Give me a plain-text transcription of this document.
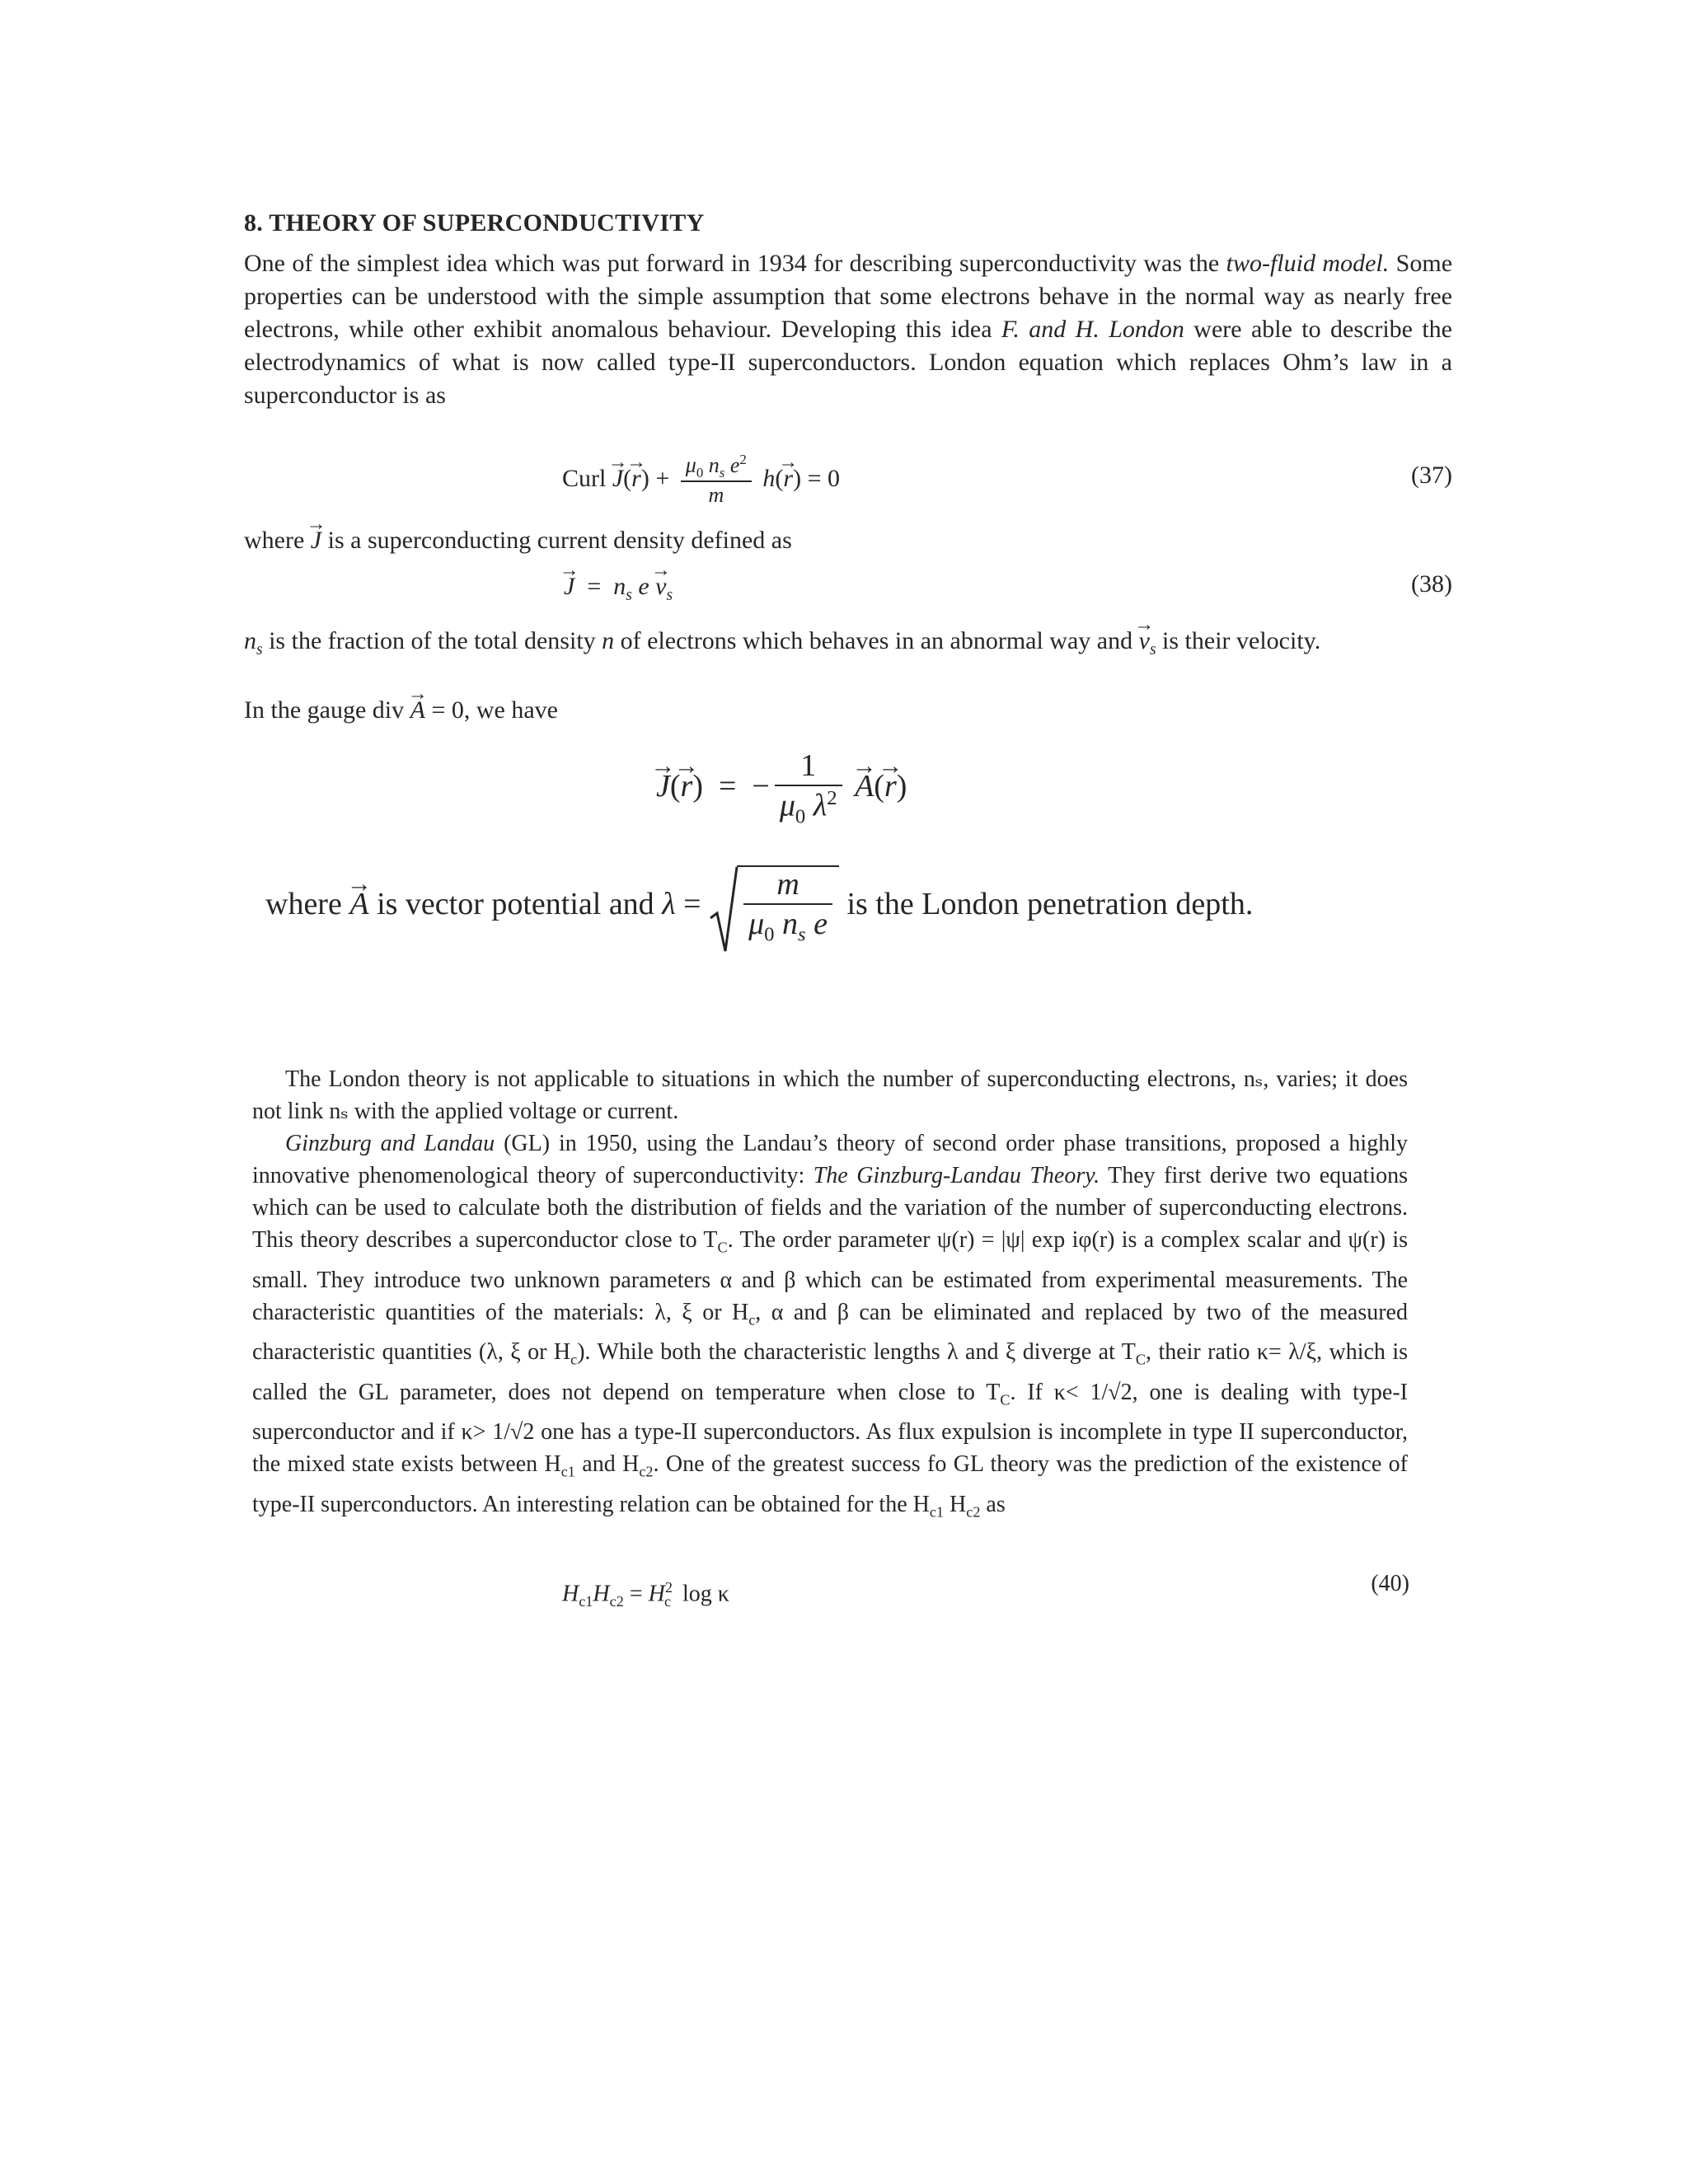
8. THEORY OF SUPERCONDUCTIVITY
One of the simplest idea which was put forward in 1934 for describing superconductivity was the two-fluid model. Some properties can be understood with the simple assumption that some electrons behave in the normal way as nearly free electrons, while other exhibit anomalous behaviour. Developing this idea F. and H. London were able to describe the electrodynamics of what is now called type-II superconductors. London equation which replaces Ohm’s law in a superconductor is as
Curl → $J(\to r) + \frac{\mu_0 n_s e^2}{m} h(\to r) = 0$	(37)
where → J is a superconducting current density defined as
→ $J = n_s$ $e \to v_s$	(38)
$n_s$ is the fraction of the total density n of electrons which behaves in an abnormal way and → $v_s$ is their velocity.
In the gauge div → A = 0, we have
→ J(→ r)  =  − $\frac{1}{\mu_0 \lambda^2}$
→ A(→ r)
where → A is vector potential and $\lambda = \frac{m}{\mu_0 n_s e}$ is the London penetration depth.
The London theory is not applicable to situations in which the number of superconducting electrons, nₛ, varies; it does not link nₛ with the applied voltage or current.
Ginzburg and Landau (GL) in 1950, using the Landau’s theory of second order phase transitions, proposed a highly innovative phenomenological theory of superconductivity: The Ginzburg-Landau Theory. They first derive two equations which can be used to calculate both the distribution of fields and the variation of the number of superconducting electrons. This theory describes a superconductor close to $T_C$. The order parameter ψ(r) = |ψ| exp iφ(r) is a complex scalar and ψ(r) is small. They introduce two unknown parameters α and β which can be estimated from experimental measurements. The characteristic quantities of the materials: λ, ξ or $H_c$, α and β can be eliminated and replaced by two of the measured characteristic quantities (λ, ξ or $H_c$). While both the characteristic lengths λ and ξ diverge at $T_C$, their ratio κ= λ/ξ, which is called the GL parameter, does not depend on temperature when close to $T_C$. If κ< 1/√2, one is dealing with type-I superconductor and if κ> 1/√2 one has a type-II superconductors. As flux expulsion is incomplete in type II superconductor, the mixed state exists between $H_{c1}$ and $H_{c2}$. One of the greatest success fo GL theory was the prediction of the existence of type-II superconductors. An interesting relation can be obtained for the $H_{c1}$ $H_{c2}$ as
$H_{c1}H_{c2} = H^2_c$ log κ	(40)
